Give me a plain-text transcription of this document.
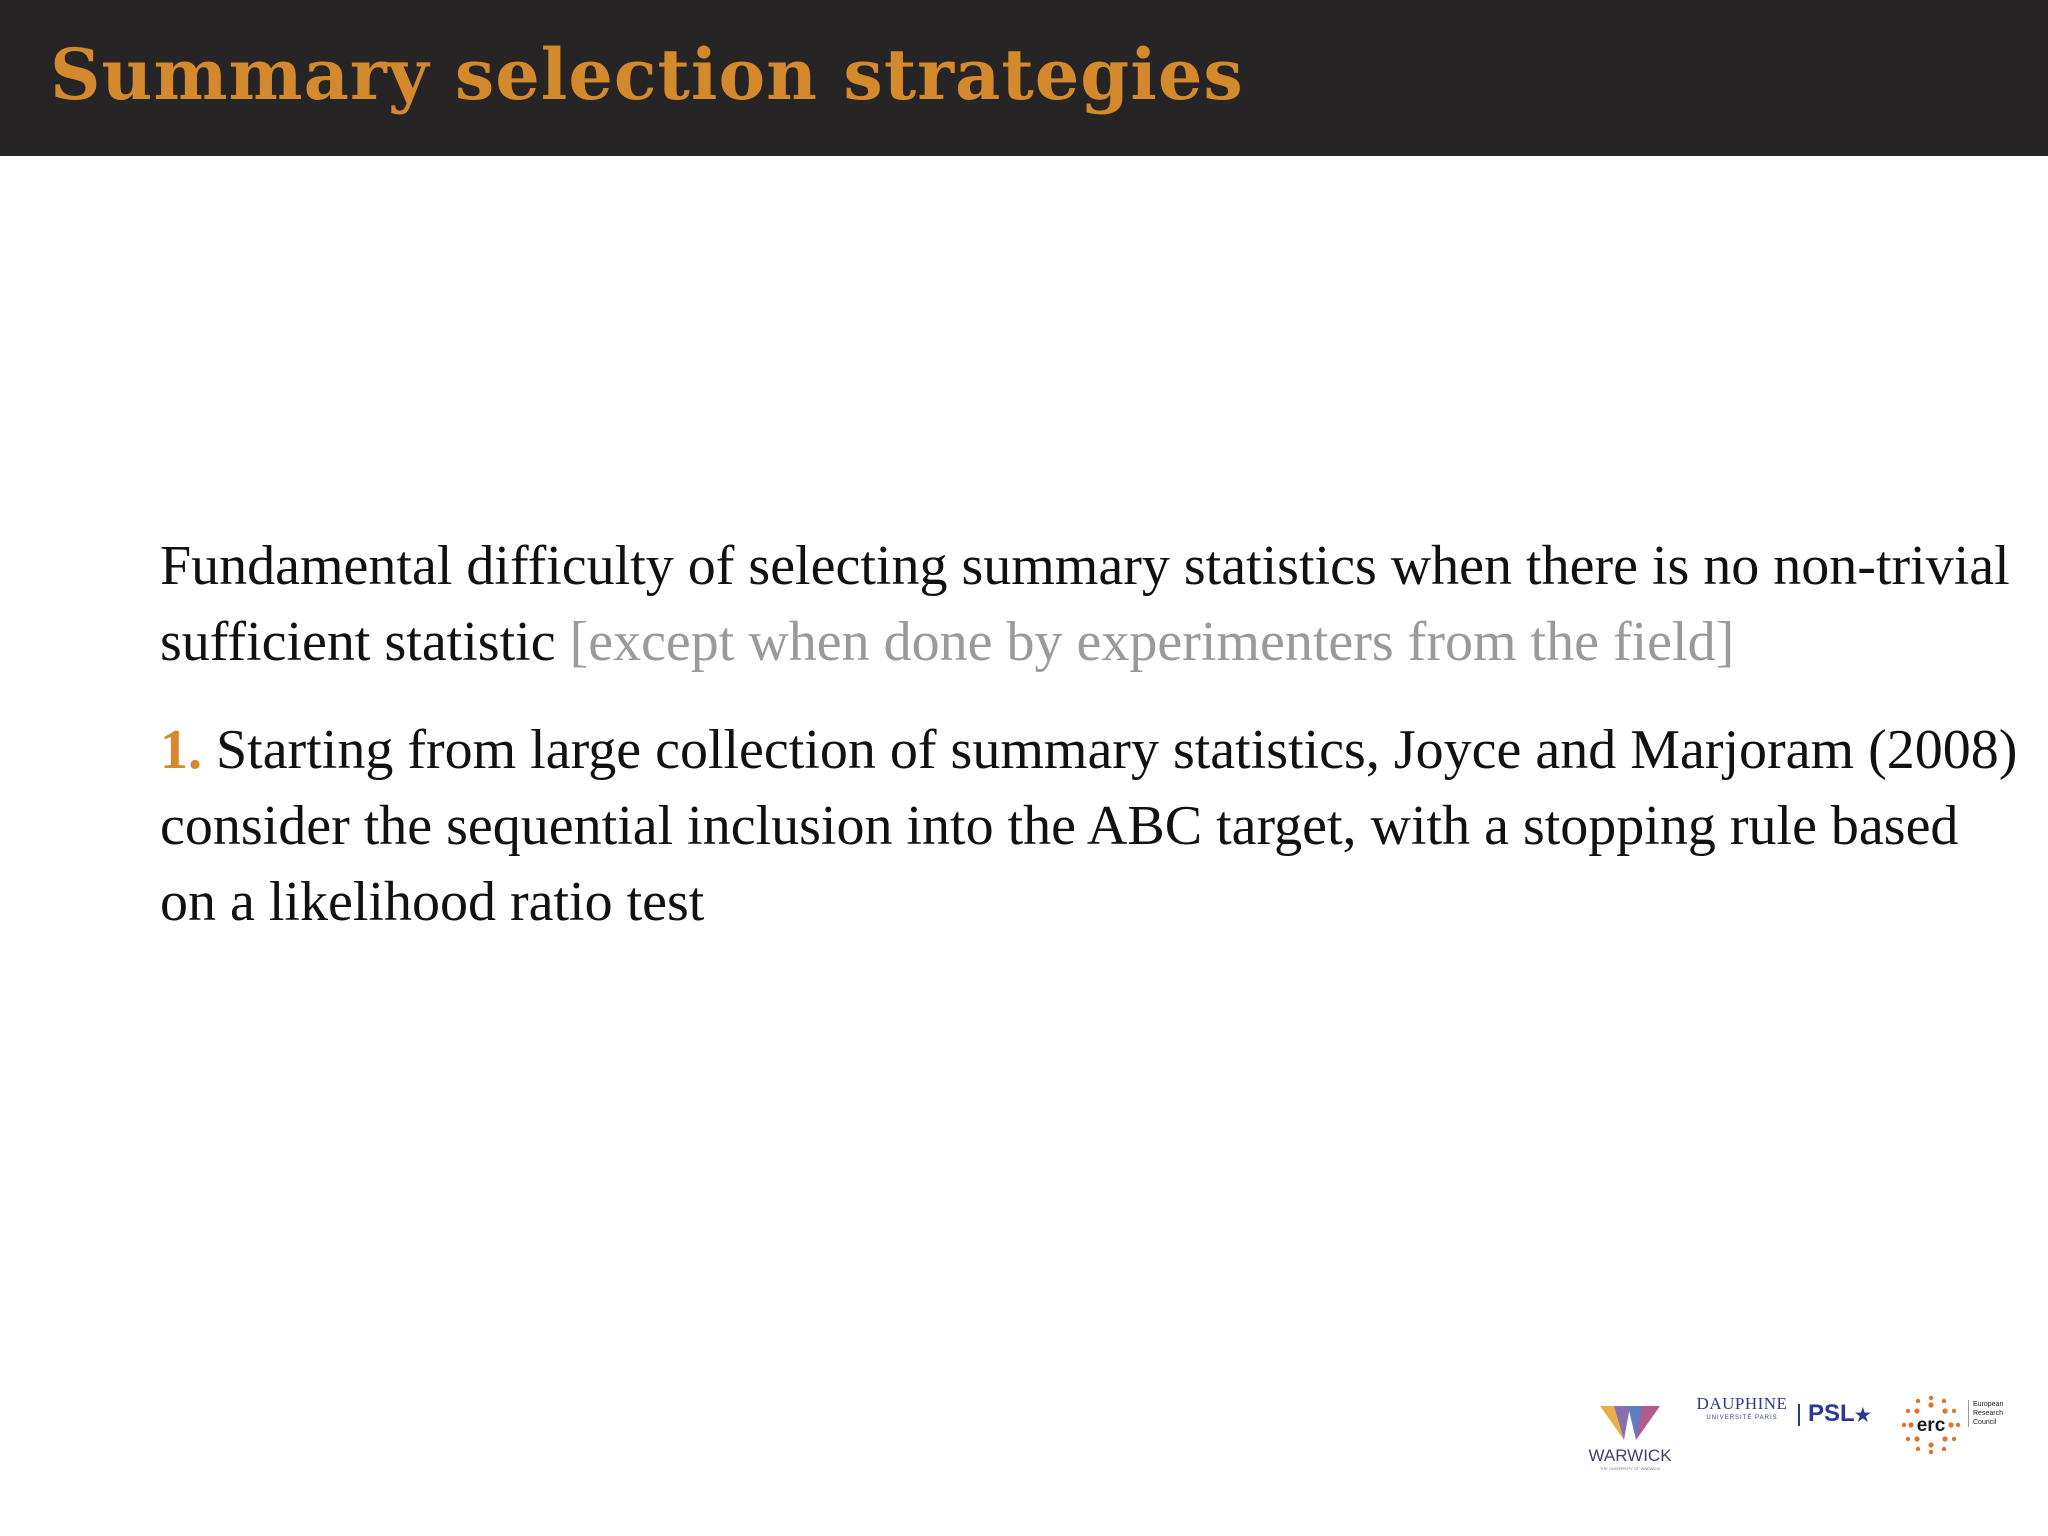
Summary selection strategies

Fundamental difficulty of selecting summary statistics when there is no non-trivial sufficient statistic [except when done by experimenters from the field]

1. Starting from large collection of summary statistics, Joyce and Marjoram (2008) consider the sequential inclusion into the ABC target, with a stopping rule based on a likelihood ratio test

WARWICK
THE UNIVERSITY OF WARWICK
DAUPHINE
UNIVERSITÉ PARIS	PSL★ erc
European
Research
Council
